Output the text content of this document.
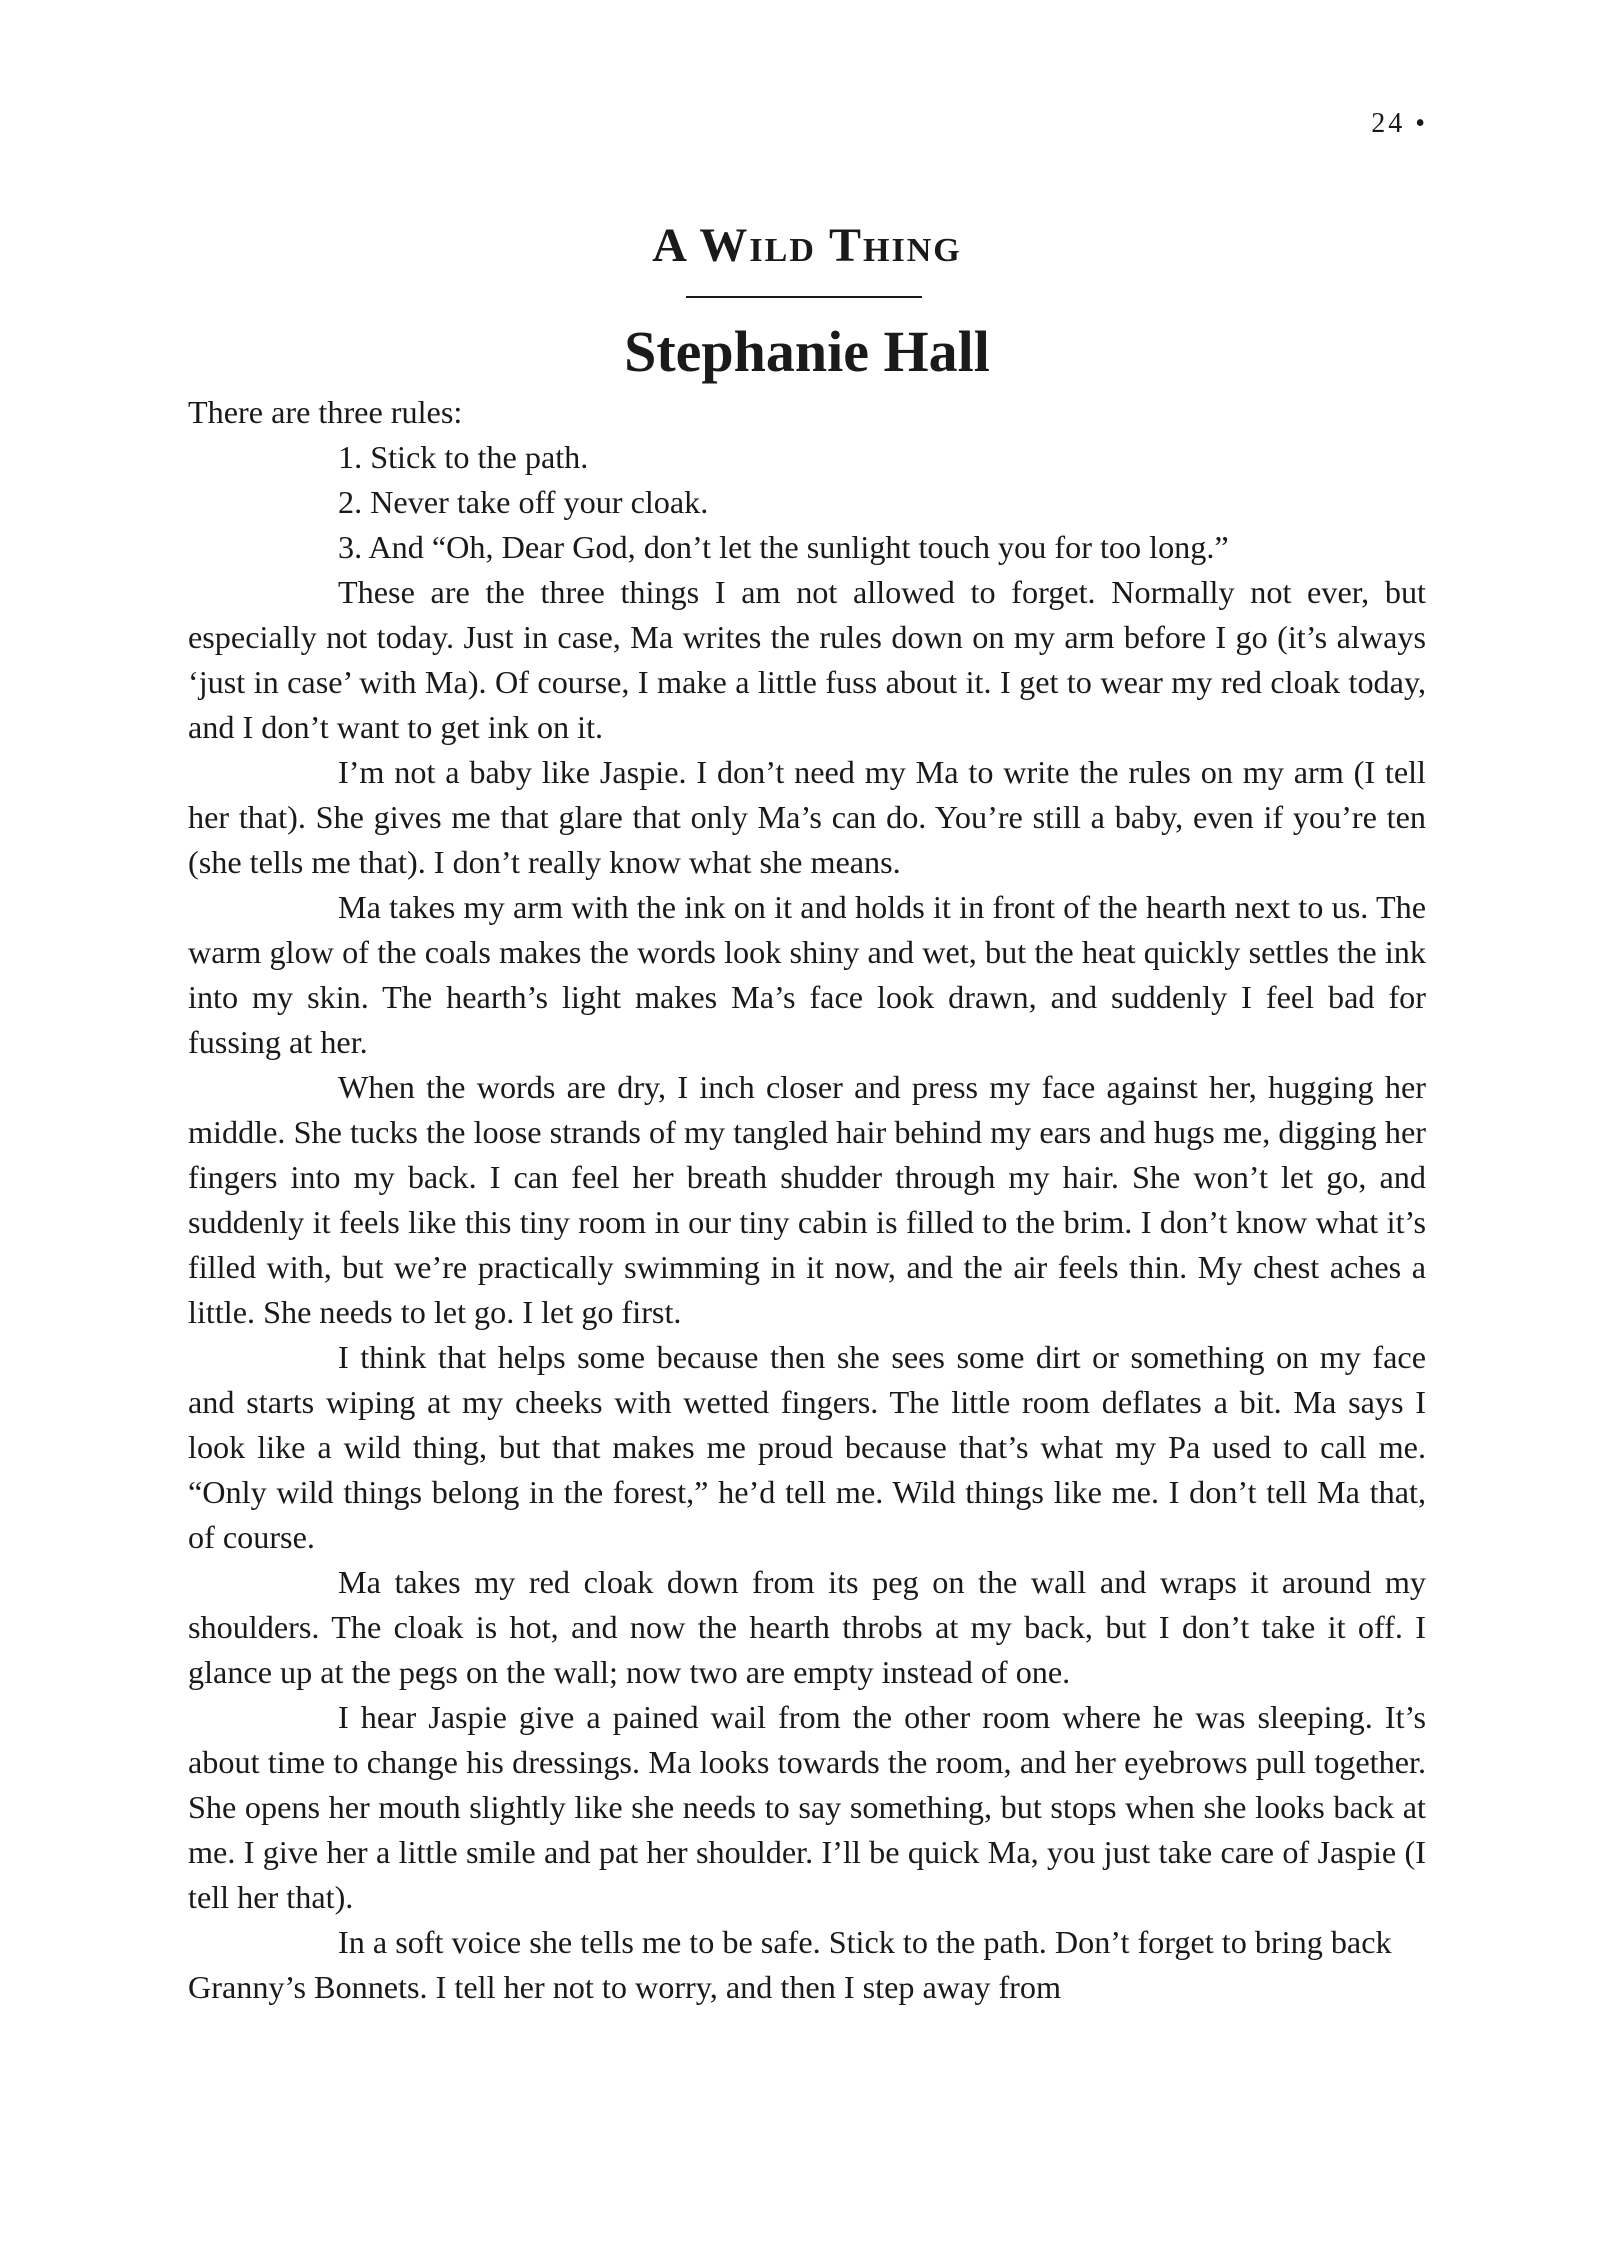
24 •
A Wild Thing
Stephanie Hall

There are three rules:

1. Stick to the path.
2. Never take off your cloak.
3. And “Oh, Dear God, don’t let the sunlight touch you for too long.”

These are the three things I am not allowed to forget. Normally not ever, but especially not today. Just in case, Ma writes the rules down on my arm before I go (it’s always ‘just in case’ with Ma). Of course, I make a little fuss about it. I get to wear my red cloak today, and I don’t want to get ink on it.

I’m not a baby like Jaspie. I don’t need my Ma to write the rules on my arm (I tell her that). She gives me that glare that only Ma’s can do. You’re still a baby, even if you’re ten (she tells me that). I don’t really know what she means.

Ma takes my arm with the ink on it and holds it in front of the hearth next to us. The warm glow of the coals makes the words look shiny and wet, but the heat quickly settles the ink into my skin. The hearth’s light makes Ma’s face look drawn, and suddenly I feel bad for fussing at her.

When the words are dry, I inch closer and press my face against her, hugging her middle. She tucks the loose strands of my tangled hair behind my ears and hugs me, digging her fingers into my back. I can feel her breath shudder through my hair. She won’t let go, and suddenly it feels like this tiny room in our tiny cabin is filled to the brim. I don’t know what it’s filled with, but we’re practically swimming in it now, and the air feels thin. My chest aches a little. She needs to let go. I let go first.

I think that helps some because then she sees some dirt or something on my face and starts wiping at my cheeks with wetted fingers. The little room deflates a bit. Ma says I look like a wild thing, but that makes me proud because that’s what my Pa used to call me. “Only wild things belong in the forest,” he’d tell me. Wild things like me. I don’t tell Ma that, of course.

Ma takes my red cloak down from its peg on the wall and wraps it around my shoulders. The cloak is hot, and now the hearth throbs at my back, but I don’t take it off. I glance up at the pegs on the wall; now two are empty instead of one.

I hear Jaspie give a pained wail from the other room where he was sleeping. It’s about time to change his dressings. Ma looks towards the room, and her eyebrows pull together. She opens her mouth slightly like she needs to say something, but stops when she looks back at me. I give her a little smile and pat her shoulder. I’ll be quick Ma, you just take care of Jaspie (I tell her that).

In a soft voice she tells me to be safe. Stick to the path. Don’t forget to bring back Granny’s Bonnets. I tell her not to worry, and then I step away from
